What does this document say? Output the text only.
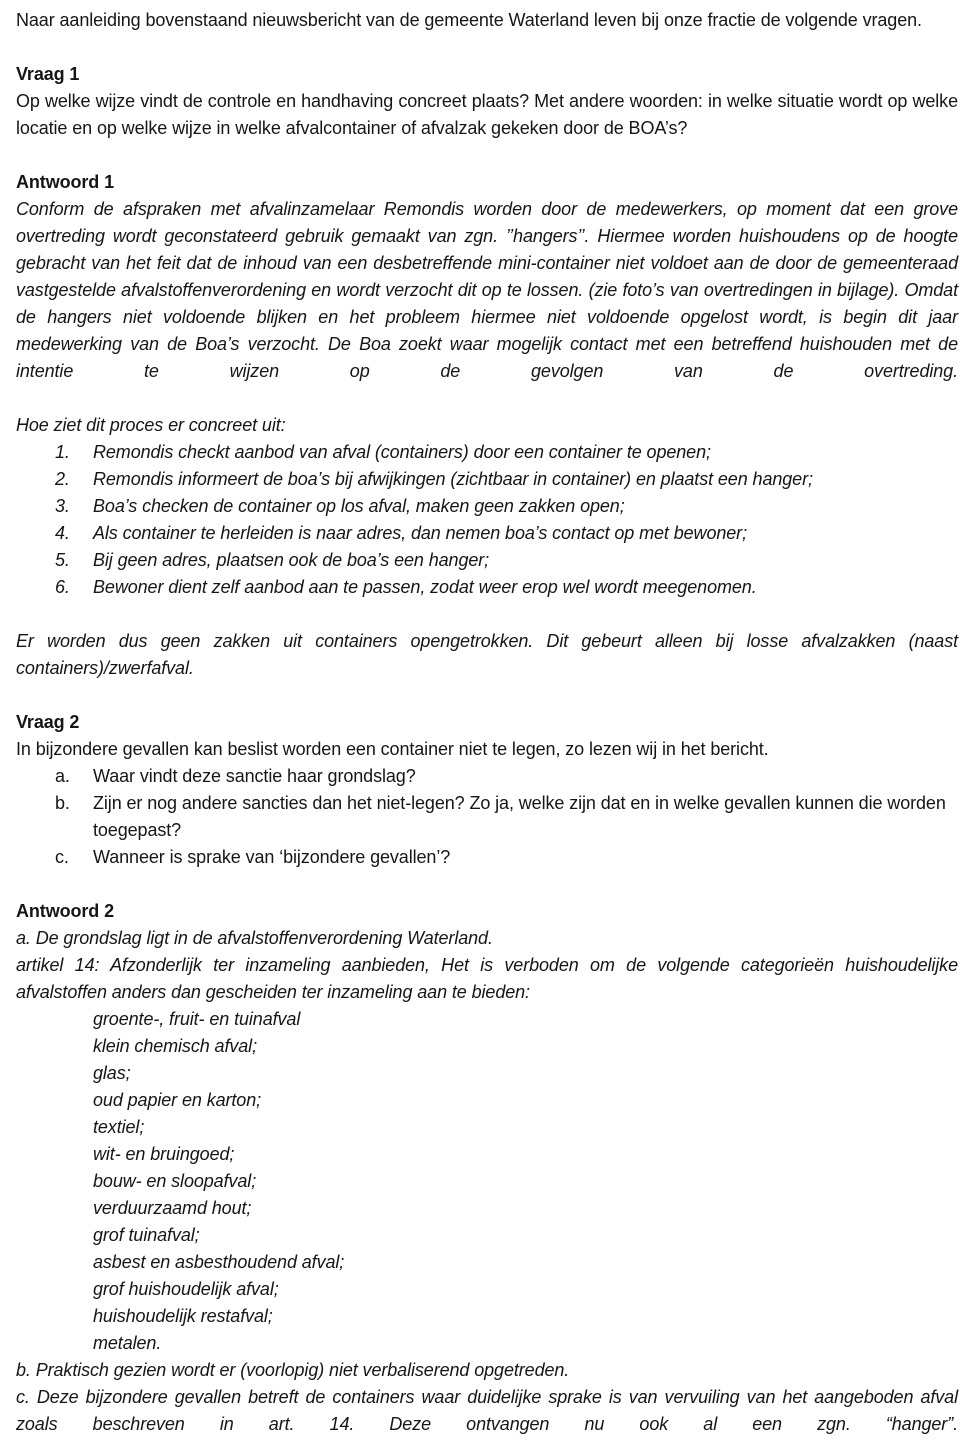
Naar aanleiding bovenstaand nieuwsbericht van de gemeente Waterland leven bij onze fractie de volgende vragen.

Vraag 1

Op welke wijze vindt de controle en handhaving concreet plaats? Met andere woorden: in welke situatie wordt op welke locatie en op welke wijze in welke afvalcontainer of afvalzak gekeken door de BOA’s?

Antwoord 1

Conform de afspraken met afvalinzamelaar Remondis worden door de medewerkers, op moment dat een grove overtreding wordt geconstateerd gebruik gemaakt van zgn. ’’hangers’’. Hiermee worden huishoudens op de hoogte gebracht van het feit dat de inhoud van een desbetreffende mini-container niet voldoet aan de door de gemeenteraad vastgestelde afvalstoffenverordening en wordt verzocht dit op te lossen. (zie foto’s van overtredingen in bijlage). Omdat de hangers niet voldoende blijken en het probleem hiermee niet voldoende opgelost wordt, is begin dit jaar medewerking van de Boa’s verzocht. De Boa zoekt waar mogelijk contact met een betreffend huishouden met de intentie te wijzen op de gevolgen van de overtreding.

Hoe ziet dit proces er concreet uit:

1.	Remondis checkt aanbod van afval (containers) door een container te openen;
2.	Remondis informeert de boa’s bij afwijkingen (zichtbaar in container) en plaatst een hanger;
3.	Boa’s checken de container op los afval, maken geen zakken open;
4.	Als container te herleiden is naar adres, dan nemen boa’s contact op met bewoner;
5.	Bij geen adres, plaatsen ook de boa’s een hanger;
6.	Bewoner dient zelf aanbod aan te passen, zodat weer erop wel wordt meegenomen.

Er worden dus geen zakken uit containers opengetrokken. Dit gebeurt alleen bij losse afvalzakken (naast containers)/zwerfafval.

Vraag 2

In bijzondere gevallen kan beslist worden een container niet te legen, zo lezen wij in het bericht.

a.	Waar vindt deze sanctie haar grondslag?
b.	Zijn er nog andere sancties dan het niet-legen? Zo ja, welke zijn dat en in welke gevallen kunnen die worden toegepast?
c.	Wanneer is sprake van ‘bijzondere gevallen’?

Antwoord 2

a. De grondslag ligt in de afvalstoffenverordening Waterland.

artikel 14: Afzonderlijk ter inzameling aanbieden, Het is verboden om de volgende categorieën huishoudelijke afvalstoffen anders dan gescheiden ter inzameling aan te bieden:

groente-, fruit- en tuinafval
klein chemisch afval;
glas;
oud papier en karton;
textiel;
wit- en bruingoed;
bouw- en sloopafval;
verduurzaamd hout;
grof tuinafval;
asbest en asbesthoudend afval;
grof huishoudelijk afval;
huishoudelijk restafval;
metalen.

b. Praktisch gezien wordt er (voorlopig) niet verbaliserend opgetreden.

c. Deze bijzondere gevallen betreft de containers waar duidelijke sprake is van vervuiling van het aangeboden afval zoals beschreven in art. 14. Deze ontvangen nu ook al een zgn. “hanger”.
